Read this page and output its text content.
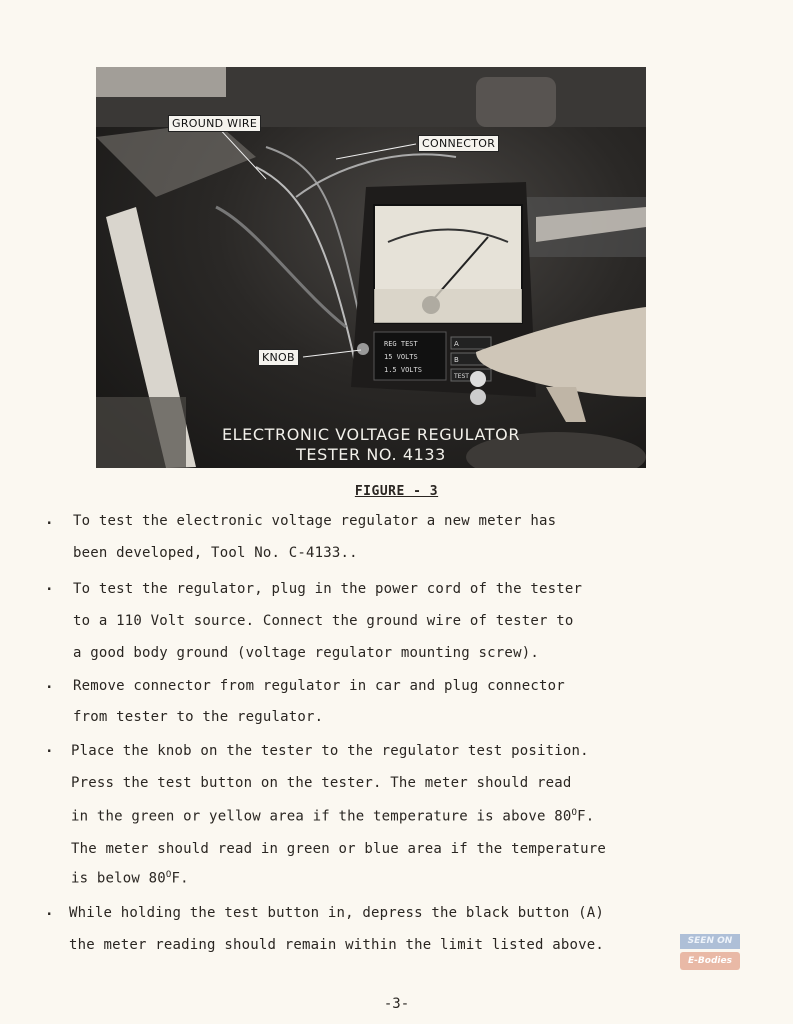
REG TEST
15 VOLTS
1.5 VOLTS
A
B
TEST
GROUND WIRE
CONNECTOR
KNOB
ELECTRONIC VOLTAGE REGULATOR
TESTER NO. 4133
FIGURE - 3
. To test the electronic voltage regulator a new meter has
been developed, Tool No. C-4133..
. To test the regulator, plug in the power cord of the tester
to a 110 Volt source. Connect the ground wire of tester to
a good body ground (voltage regulator mounting screw).
. Remove connector from regulator in car and plug connector
from tester to the regulator.
. Place the knob on the tester to the regulator test position.
Press the test button on the tester. The meter should read
in the green or yellow area if the temperature is above $80^OF$.
The meter should read in green or blue area if the temperature
is below $80^OF$.
. While holding the test button in, depress the black button (A)
the meter reading should remain within the limit listed above.	SEEN ON
E-Bodies
-3-
